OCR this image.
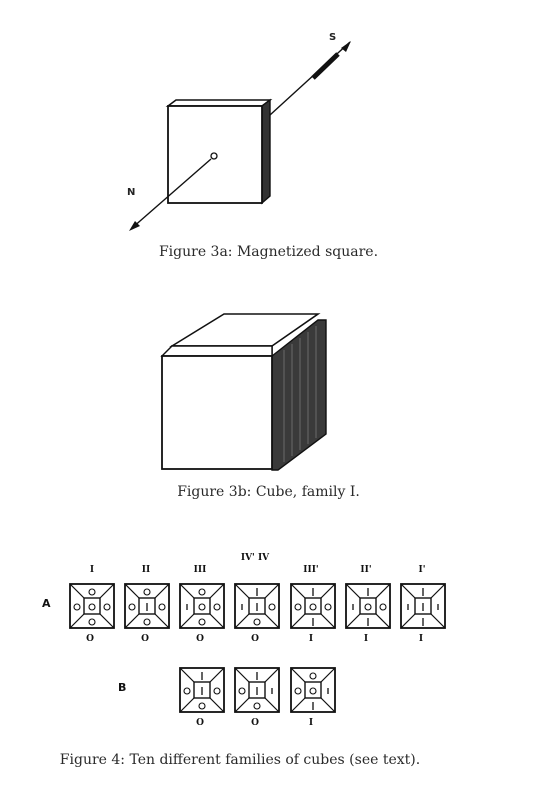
S
N
Figure 3a: Magnetized square.
Figure 3b: Cube, family I.
A
B
I	II	III
IV' IV
III'	II'	I'
O	O	O	O	I	I	I
O	O	I
Figure 4: Ten different families of cubes (see text).
